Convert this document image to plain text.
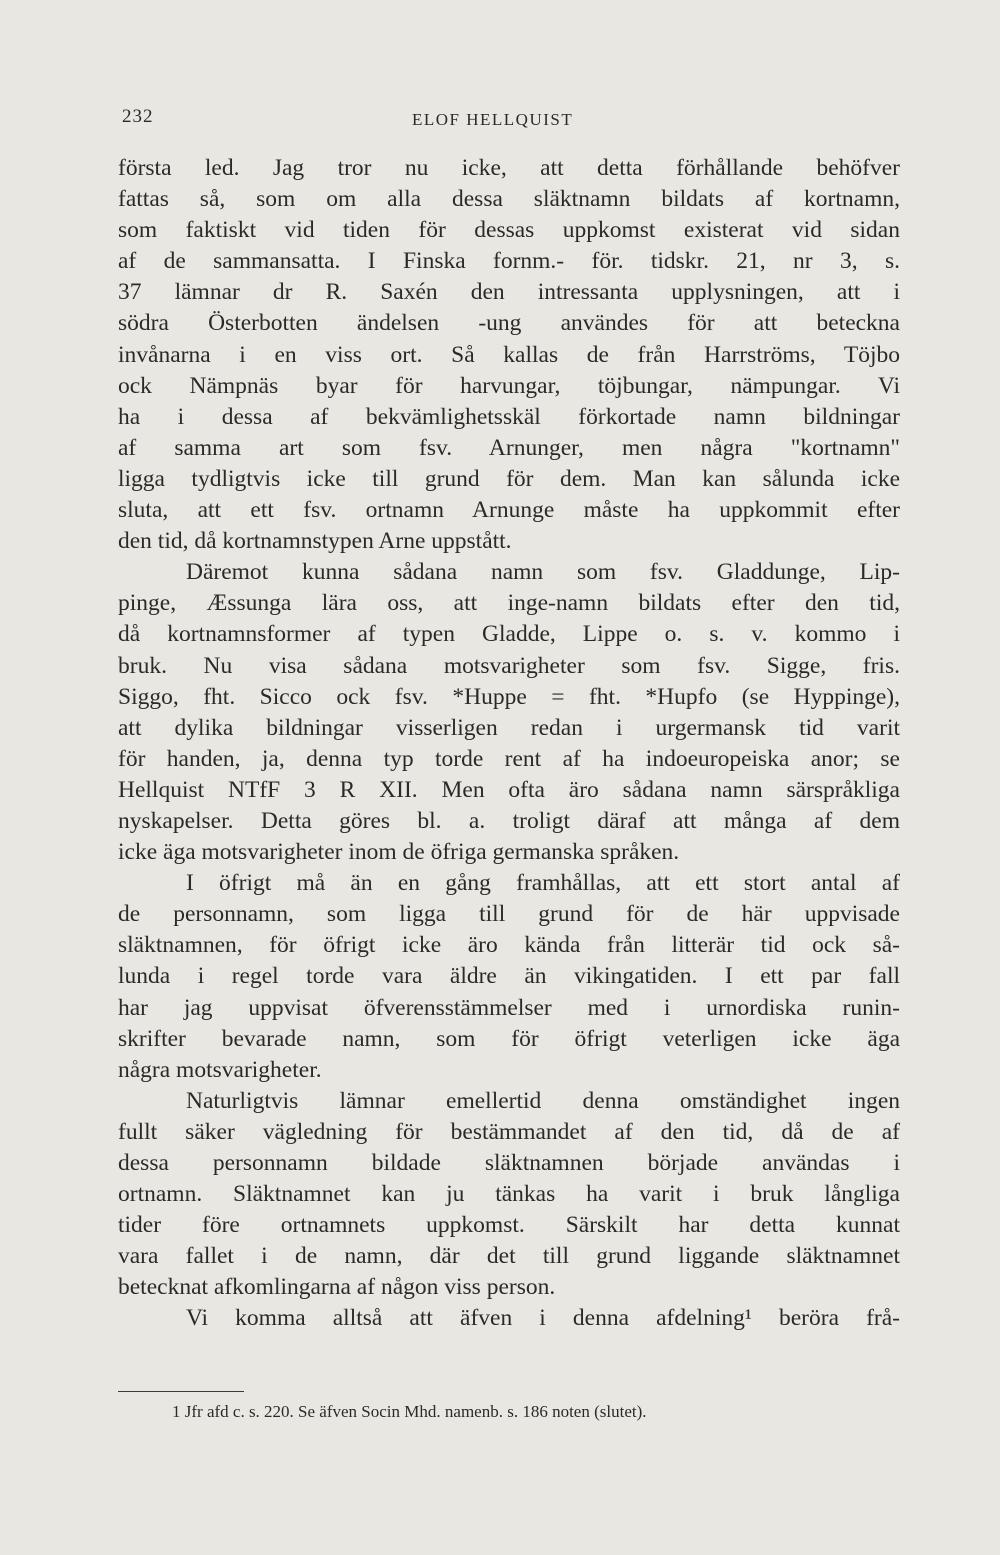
232	ELOF HELLQUIST
första led. Jag tror nu icke, att detta förhållande behöfver
fattas så, som om alla dessa släktnamn bildats af kortnamn,
som faktiskt vid tiden för dessas uppkomst existerat vid sidan
af de sammansatta. I Finska fornm.- för. tidskr. 21, nr 3, s.
37 lämnar dr R. Saxén den intressanta upplysningen, att i
södra Österbotten ändelsen -ung användes för att beteckna
invånarna i en viss ort. Så kallas de från Harrströms, Töjbo
ock Nämpnäs byar för harvungar, töjbungar, nämpungar. Vi
ha i dessa af bekvämlighetsskäl förkortade namn bildningar
af samma art som fsv. Arnunger, men några "kortnamn"
ligga tydligtvis icke till grund för dem. Man kan sålunda icke
sluta, att ett fsv. ortnamn Arnunge måste ha uppkommit efter
den tid, då kortnamnstypen Arne uppstått.
Däremot kunna sådana namn som fsv. Gladdunge, Lip-
pinge, Æssunga lära oss, att inge-namn bildats efter den tid,
då kortnamnsformer af typen Gladde, Lippe o. s. v. kommo i
bruk. Nu visa sådana motsvarigheter som fsv. Sigge, fris.
Siggo, fht. Sicco ock fsv. *Huppe = fht. *Hupfo (se Hyppinge),
att dylika bildningar visserligen redan i urgermansk tid varit
för handen, ja, denna typ torde rent af ha indoeuropeiska anor; se
Hellquist NTfF 3 R XII. Men ofta äro sådana namn särspråkliga
nyskapelser. Detta göres bl. a. troligt däraf att många af dem
icke äga motsvarigheter inom de öfriga germanska språken.
I öfrigt må än en gång framhållas, att ett stort antal af
de personnamn, som ligga till grund för de här uppvisade
släktnamnen, för öfrigt icke äro kända från litterär tid ock så-
lunda i regel torde vara äldre än vikingatiden. I ett par fall
har jag uppvisat öfverensstämmelser med i urnordiska runin-
skrifter bevarade namn, som för öfrigt veterligen icke äga
några motsvarigheter.
Naturligtvis lämnar emellertid denna omständighet ingen
fullt säker vägledning för bestämmandet af den tid, då de af
dessa personnamn bildade släktnamnen började användas i
ortnamn. Släktnamnet kan ju tänkas ha varit i bruk långliga
tider före ortnamnets uppkomst. Särskilt har detta kunnat
vara fallet i de namn, där det till grund liggande släktnamnet
betecknat afkomlingarna af någon viss person.
Vi komma alltså att äfven i denna afdelning¹ beröra frå-
1 Jfr afd c. s. 220. Se äfven Socin Mhd. namenb. s. 186 noten (slutet).
